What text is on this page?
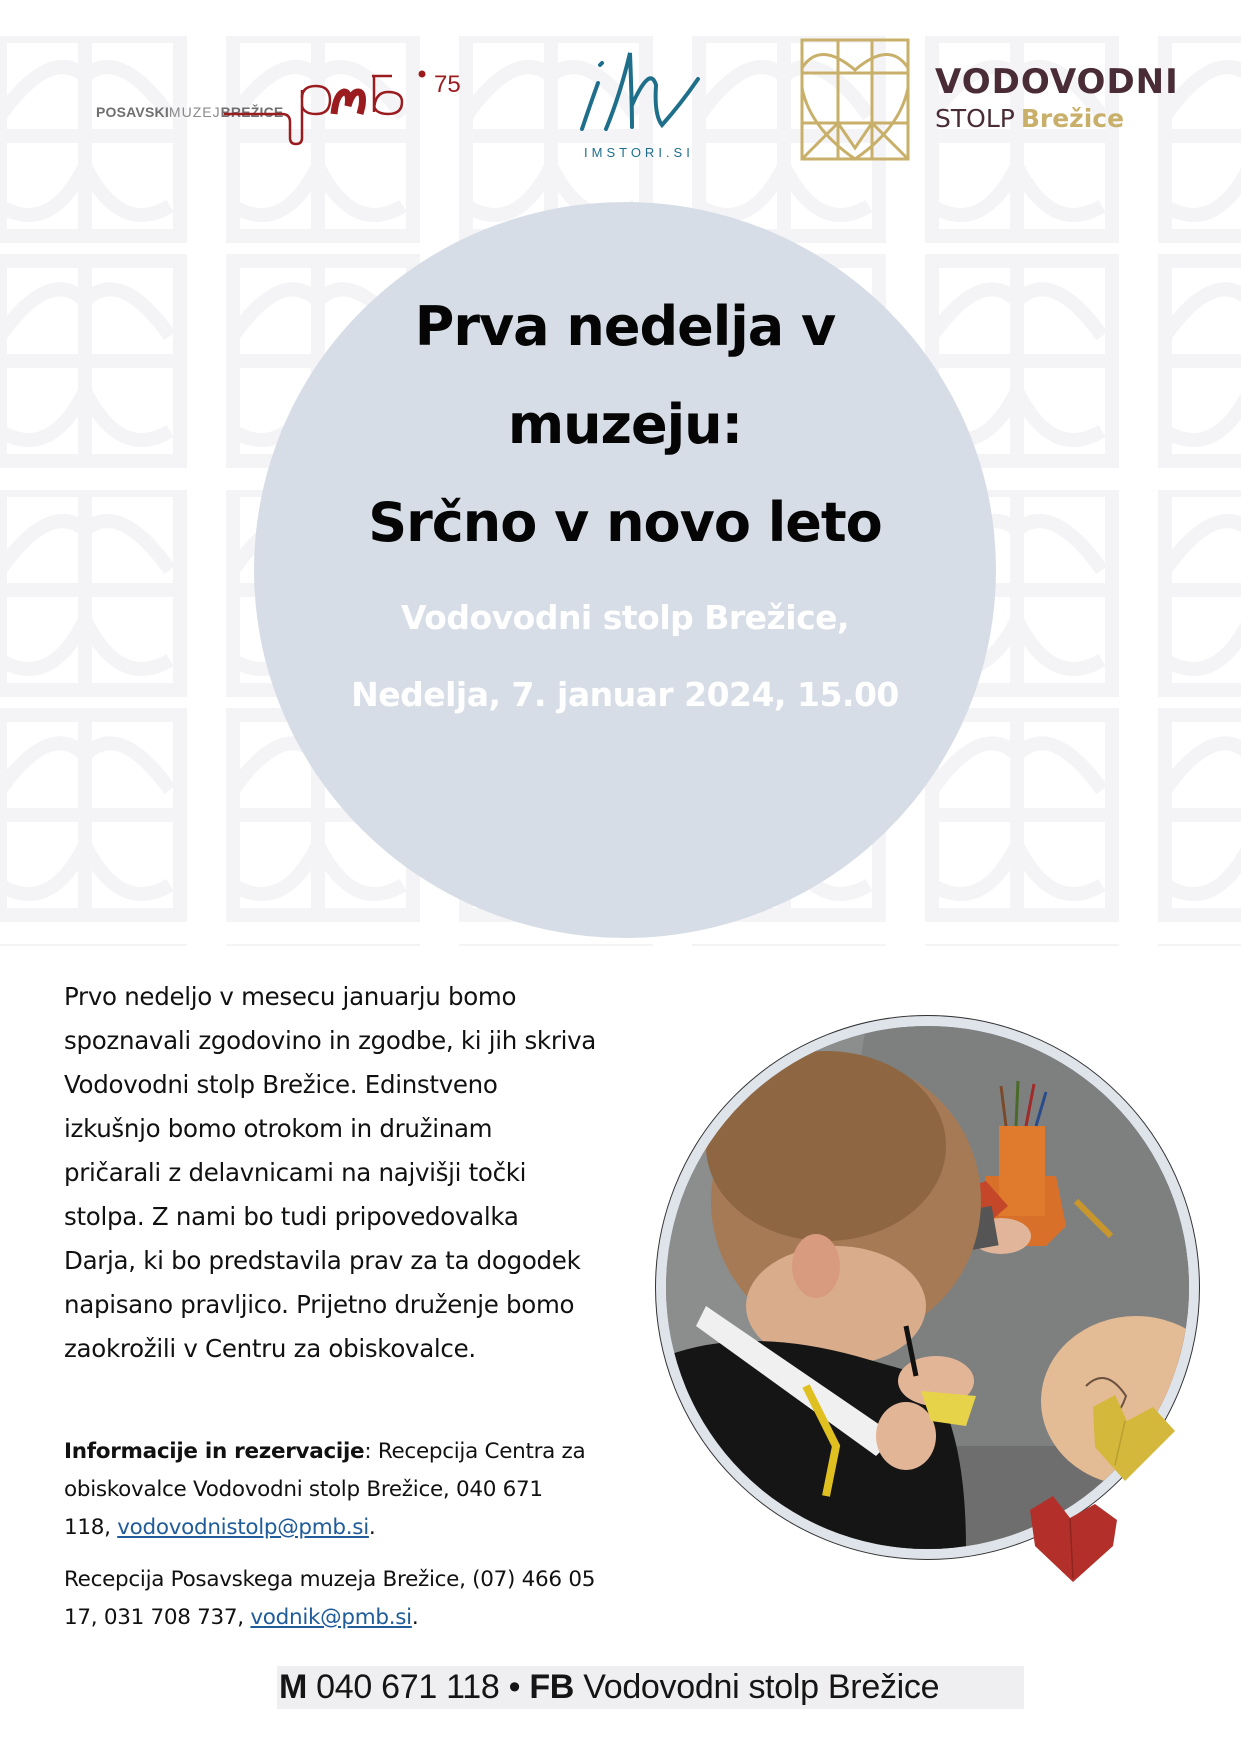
POSAVSKIMUZEJBREŽICE
75
IMSTORI.SI
VODOVODNI
STOLP Brežice
Prva nedelja v
muzeju:
Srčno v novo leto
Vodovodni stolp Brežice,
Nedelja, 7. januar 2024, 15.00

Prvo nedeljo v mesecu januarju bomo

spoznavali zgodovino in zgodbe, ki jih skriva

Vodovodni stolp Brežice. Edinstveno

izkušnjo bomo otrokom in družinam

pričarali z delavnicami na najvišji točki

stolpa. Z nami bo tudi pripovedovalka

Darja, ki bo predstavila prav za ta dogodek

napisano pravljico. Prijetno druženje bomo

zaokrožili v Centru za obiskovalce.

Informacije in rezervacije: Recepcija Centra za

obiskovalce Vodovodni stolp Brežice, 040 671

118, vodovodnistolp@pmb.si.

Recepcija Posavskega muzeja Brežice, (07) 466 05

17, 031 708 737, vodnik@pmb.si.

M 040 671 118 • FB Vodovodni stolp Brežice
